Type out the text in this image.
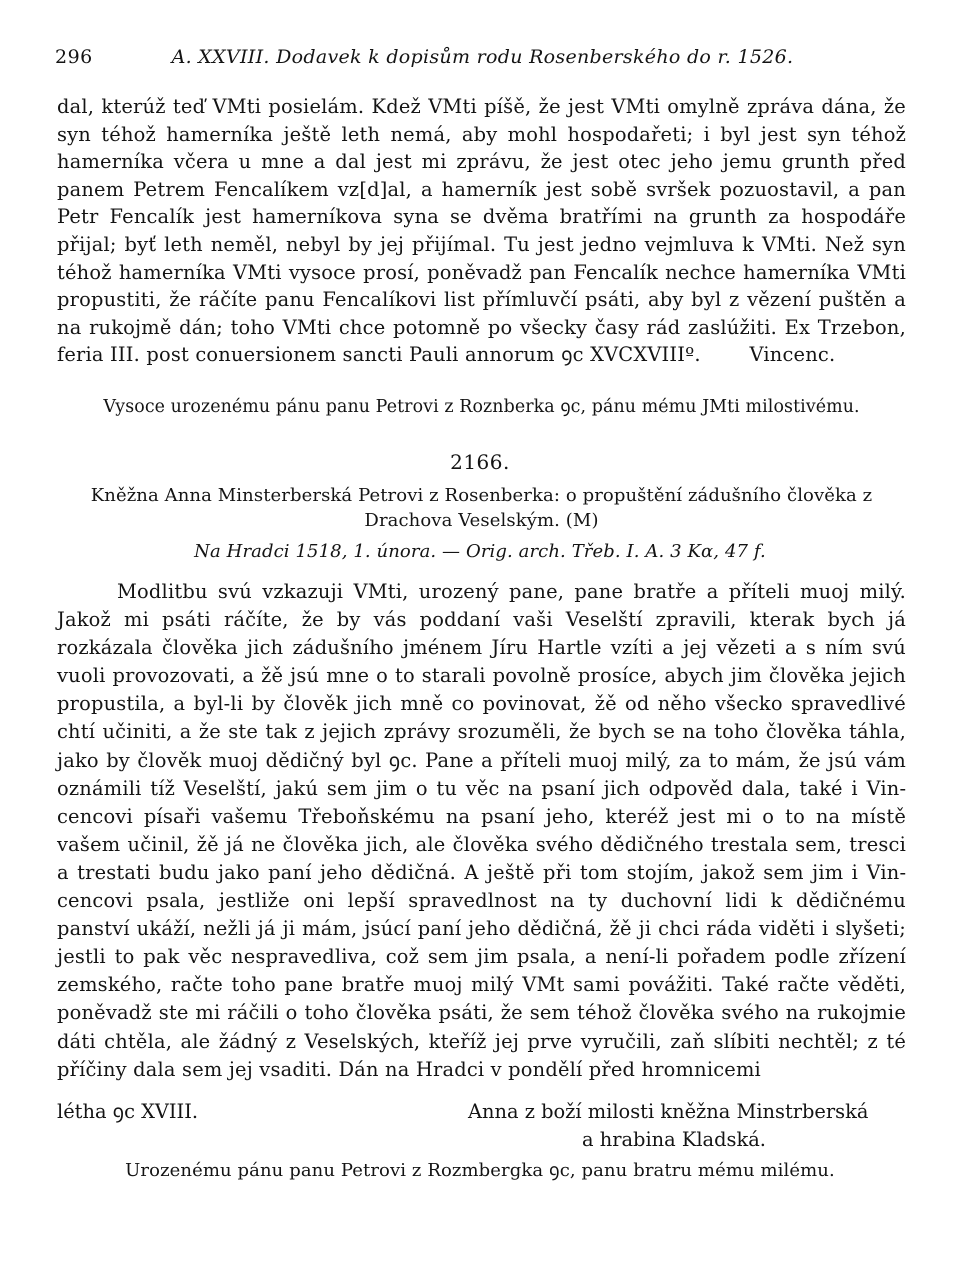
296	A. XXVIII. Dodavek k dopisům rodu Rosenberského do r. 1526.
dal, kterúž teď VMti posielám. Kdež VMti píšě, že jest VMti omylně zpráva dána, že syn téhož hamerníka ještě leth nemá, aby mohl hospodařeti; i byl jest syn téhož hamerníka včera u mne a dal jest mi zprávu, že jest otec jeho jemu grunth před panem Petrem Fencalíkem vz[d]al, a hamerník jest sobě svršek pozuostavil, a pan Petr Fencalík jest hamerníkova syna se dvěma bratřími na grunth za hospodáře přijal; byť leth neměl, nebyl by jej přijímal. Tu jest jedno vejmluva k VMti. Než syn téhož hamerníka VMti vysoce prosí, poněvadž pan Fencalík nechce hamerníka VMti propustiti, že ráčíte panu Fencalíkovi list přímluvčí psáti, aby byl z vězení puštěn a na rukojmě dán; toho VMti chce potomně po všecky časy rád zaslúžiti. Ex Trzebon, feria III. post conuersionem sancti Pauli annorum ꝯc XVCXVIIIº.	Vincenc.
Vysoce urozenému pánu panu Petrovi z Roznberka ꝯc, pánu mému JMti milostivému.
2166.
Kněžna Anna Minsterberská Petrovi z Rosenberka: o propuštění zádušního člověka z Drachova Veselským. (M)
Na Hradci 1518, 1. února. — Orig. arch. Třeb. I. A. 3 Kα, 47 f.
Modlitbu svú vzkazuji VMti, urozený pane, pane bratře a příteli muoj milý. Jakož mi psáti ráčíte, že by vás poddaní vaši Veselští zpravili, kterak bych já rozkázala člověka jich zádušního jménem Jíru Hartle vzíti a jej vězeti a s ním svú vuoli provozovati, a žě jsú mne o to starali povolně prosíce, abych jim člověka jejich propustila, a byl-li by člověk jich mně co povinovat, žě od něho všecko spravedlivé chtí učiniti, a že ste tak z jejich zprávy srozuměli, že bych se na toho člověka táhla, jako by člověk muoj dědičný byl ꝯc. Pane a příteli muoj milý, za to mám, že jsú vám oznámili tíž Veselští, jakú sem jim o tu věc na psaní jich odpověd dala, také i Vincencovi písaři vašemu Třeboňskému na psaní jeho, kteréž jest mi o to na místě vašem učinil, žě já ne člověka jich, ale člověka svého dědičného trestala sem, tresci a trestati budu jako paní jeho dědičná. A ještě při tom stojím, jakož sem jim i Vincencovi psala, jestliže oni lepší spravedlnost na ty duchovní lidi k dědičnému panství ukáží, nežli já ji mám, jsúcí paní jeho dědičná, žě ji chci ráda viděti i slyšeti; jestli to pak věc nespravedliva, což sem jim psala, a není-li pořadem podle zřízení zemského, račte toho pane bratře muoj milý VMt sami povážiti. Také račte věděti, poněvadž ste mi ráčili o toho člověka psáti, že sem téhož člověka svého na rukojmie dáti chtěla, ale žádný z Veselských, kteříž jej prve vyručili, zaň slíbiti nechtěl; z té příčiny dala sem jej vsaditi. Dán na Hradci v pondělí před hromnicemi
létha ꝯc XVIII.	Anna z boží milosti kněžna Minstrberská
a hrabina Kladská.
Urozenému pánu panu Petrovi z Rozmbergka ꝯc, panu bratru mému milému.
